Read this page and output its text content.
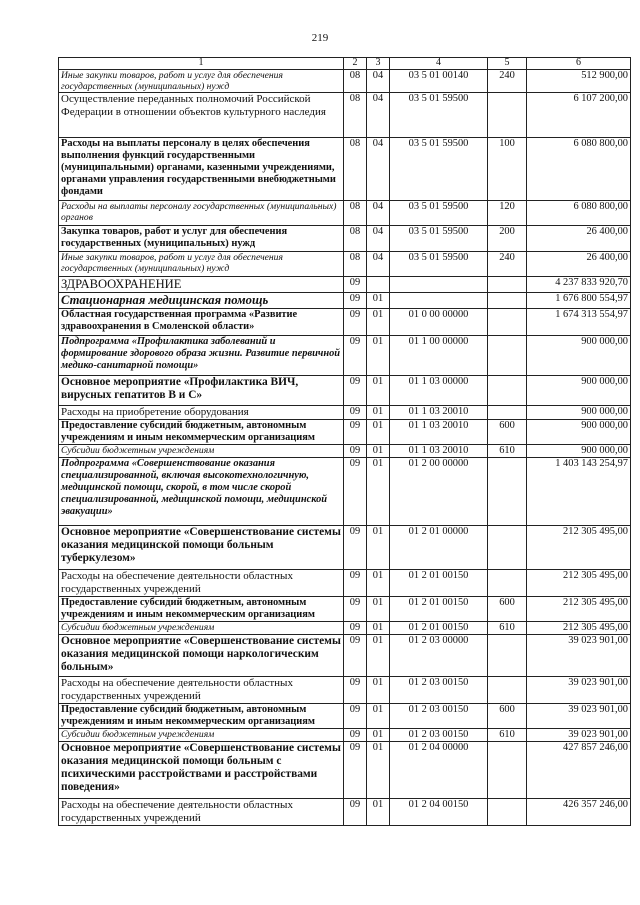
219
1	2	3	4	5	6
Иные закупки товаров, работ и услуг для обеспечения государственных (муниципальных) нужд	08	04	03 5 01 00140	240	512 900,00
Осуществление переданных полномочий Российской Федерации в отношении объектов культурного наследия	08	04	03 5 01 59500		6 107 200,00
Расходы на выплаты персоналу в целях обеспечения выполнения функций государственными (муниципальными) органами, казенными учреждениями, органами управления государственными внебюджетными фондами	08	04	03 5 01 59500	100	6 080 800,00
Расходы на выплаты персоналу государственных (муниципальных) органов	08	04	03 5 01 59500	120	6 080 800,00
Закупка товаров, работ и услуг для обеспечения государственных (муниципальных) нужд	08	04	03 5 01 59500	200	26 400,00
Иные закупки товаров, работ и услуг для обеспечения государственных (муниципальных) нужд	08	04	03 5 01 59500	240	26 400,00
ЗДРАВООХРАНЕНИЕ	09				4 237 833 920,70
Стационарная медицинская помощь	09	01			1 676 800 554,97
Областная государственная программа «Развитие здравоохранения в Смоленской области»	09	01	01 0 00 00000		1 674 313 554,97
Подпрограмма «Профилактика заболеваний и формирование здорового образа жизни. Развитие первичной медико-санитарной помощи»	09	01	01 1 00 00000		900 000,00
Основное мероприятие «Профилактика ВИЧ, вирусных гепатитов В и С»	09	01	01 1 03 00000		900 000,00
Расходы на приобретение оборудования	09	01	01 1 03 20010		900 000,00
Предоставление субсидий бюджетным, автономным учреждениям и иным некоммерческим организациям	09	01	01 1 03 20010	600	900 000,00
Субсидии бюджетным учреждениям	09	01	01 1 03 20010	610	900 000,00
Подпрограмма «Совершенствование оказания специализированной, включая высокотехнологичную, медицинской помощи, скорой, в том числе скорой специализированной, медицинской помощи, медицинской эвакуации»	09	01	01 2 00 00000		1 403 143 254,97
Основное мероприятие «Совершенствование системы оказания медицинской помощи больным туберкулезом»	09	01	01 2 01 00000		212 305 495,00
Расходы на обеспечение деятельности областных государственных учреждений	09	01	01 2 01 00150		212 305 495,00
Предоставление субсидий бюджетным, автономным учреждениям и иным некоммерческим организациям	09	01	01 2 01 00150	600	212 305 495,00
Субсидии бюджетным учреждениям	09	01	01 2 01 00150	610	212 305 495,00
Основное мероприятие «Совершенствование системы оказания медицинской помощи наркологическим больным»	09	01	01 2 03 00000		39 023 901,00
Расходы на обеспечение деятельности областных государственных учреждений	09	01	01 2 03 00150		39 023 901,00
Предоставление субсидий бюджетным, автономным учреждениям и иным некоммерческим организациям	09	01	01 2 03 00150	600	39 023 901,00
Субсидии бюджетным учреждениям	09	01	01 2 03 00150	610	39 023 901,00
Основное мероприятие «Совершенствование системы оказания медицинской помощи больным с психическими расстройствами и расстройствами поведения»	09	01	01 2 04 00000		427 857 246,00
Расходы на обеспечение деятельности областных государственных учреждений	09	01	01 2 04 00150		426 357 246,00
